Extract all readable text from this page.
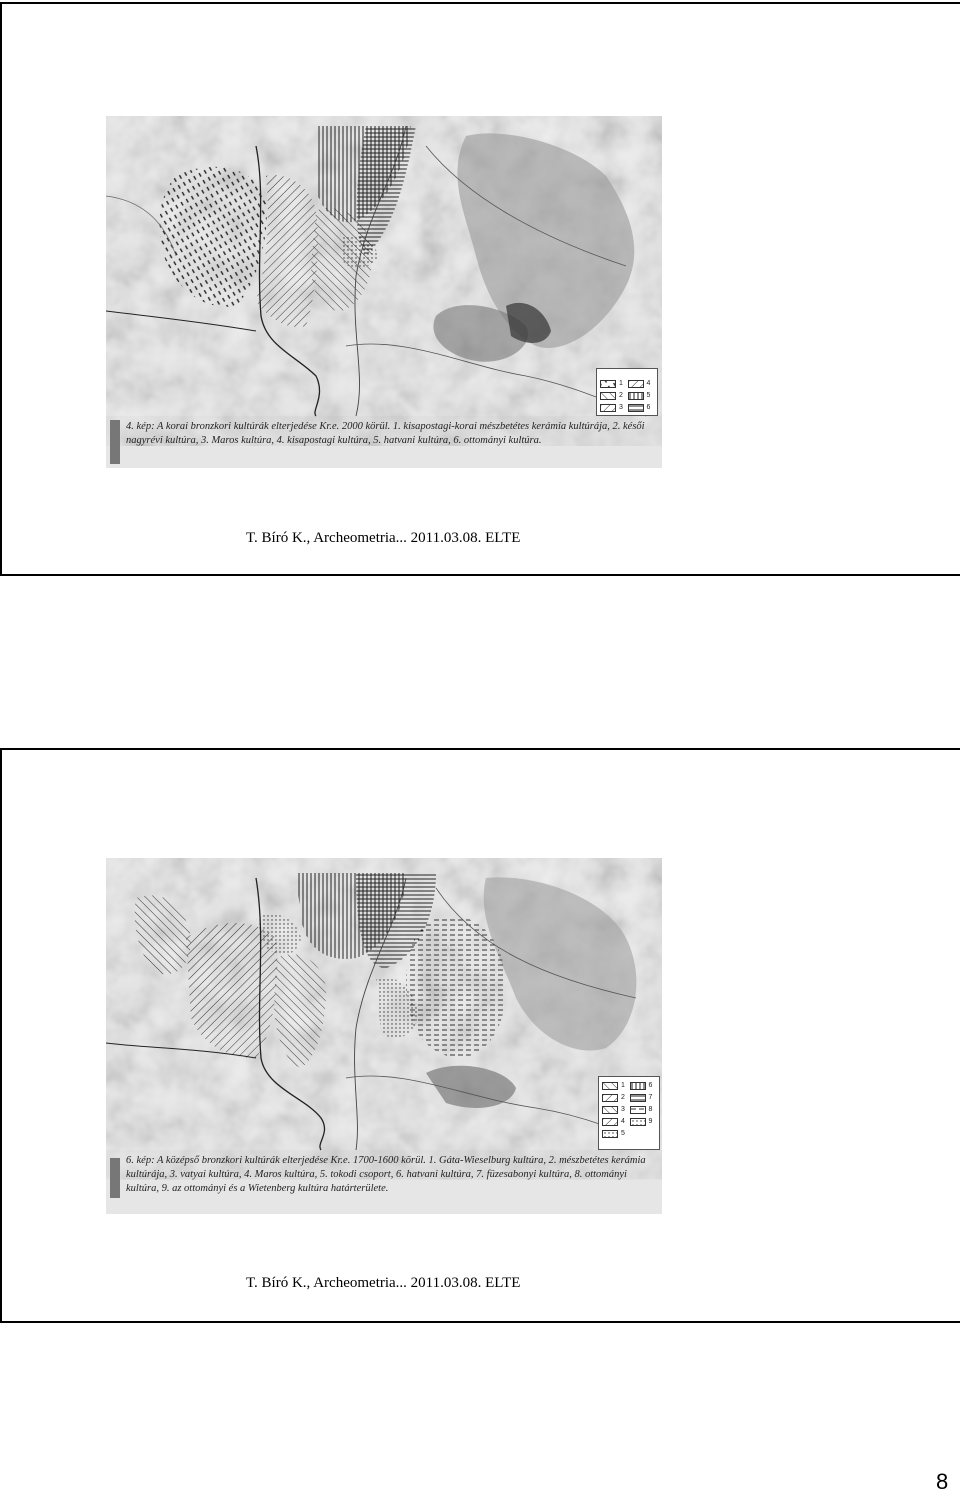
4. kép: A korai bronzkori kultúrák elterjedése Kr.e. 2000 körül. 1. kisapostagi-korai mészbetétes kerámia kultúrája, 2. késői nagyrévi kultúra, 3. Maros kultúra, 4. kisapostagi kultúra, 5. hatvani kultúra, 6. ottományi kultúra.
1	4
2	5
3	6
T. Bíró K., Archeometria... 2011.03.08. ELTE
6. kép: A középső bronzkori kultúrák elterjedése Kr.e. 1700-1600 körül. 1. Gáta-Wieselburg kultúra, 2. mészbetétes kerámia kultúrája, 3. vatyai kultúra, 4. Maros kultúra, 5. tokodi csoport, 6. hatvani kultúra, 7. füzesabonyi kultúra, 8. ottományi kultúra, 9. az ottományi és a Wietenberg kultúra határterülete.
1	6
2	7
3	8
4	9
5
T. Bíró K., Archeometria... 2011.03.08. ELTE
8
